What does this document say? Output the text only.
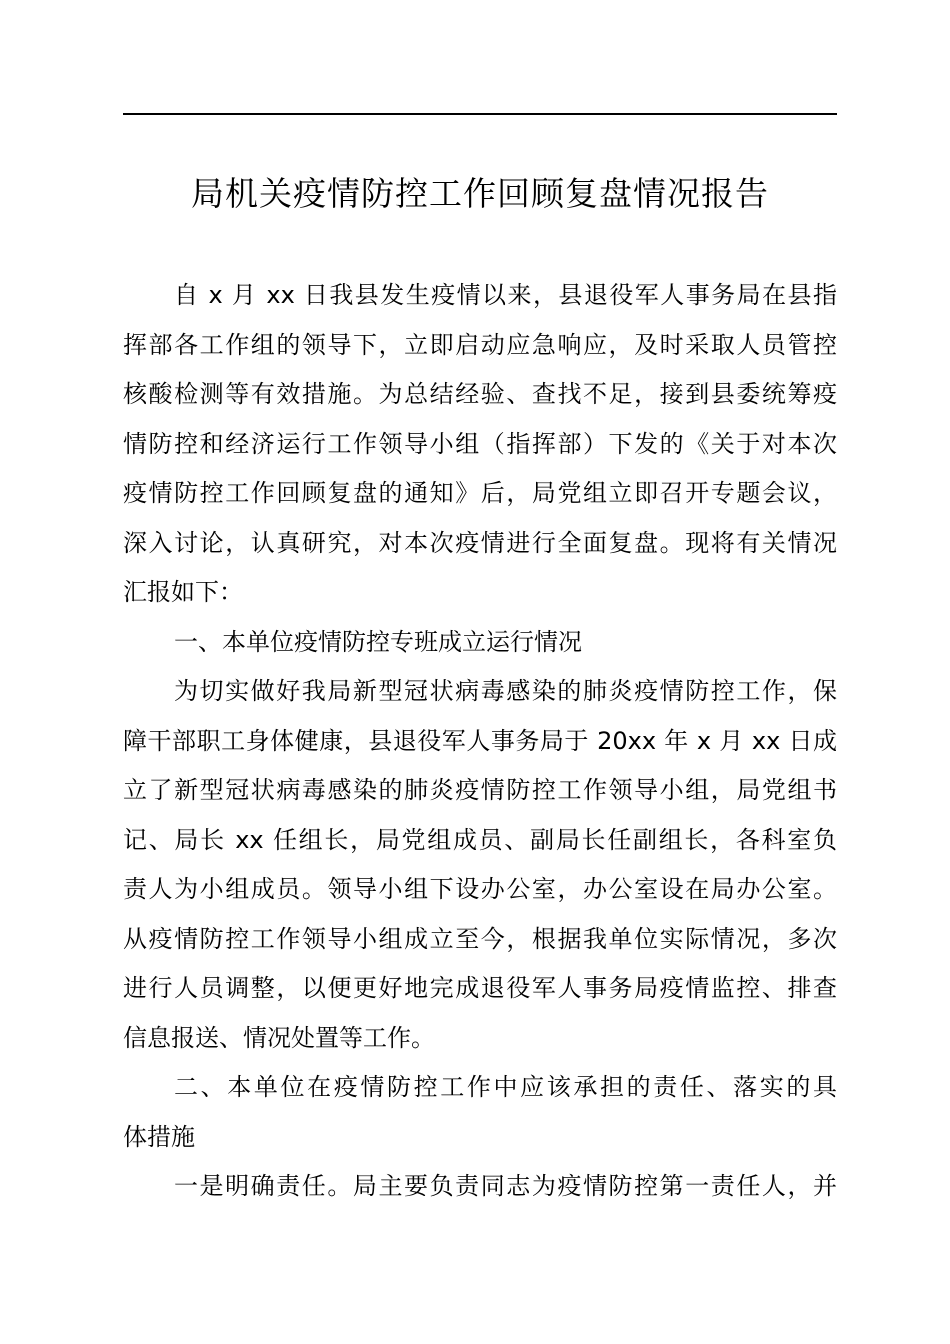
局机关疫情防控工作回顾复盘情况报告
自 x 月 xx 日我县发生疫情以来，县退役军人事务局在县指
挥部各工作组的领导下，立即启动应急响应，及时采取人员管控
核酸检测等有效措施。为总结经验、查找不足，接到县委统筹疫
情防控和经济运行工作领导小组（指挥部）下发的《关于对本次
疫情防控工作回顾复盘的通知》后，局党组立即召开专题会议，
深入讨论，认真研究，对本次疫情进行全面复盘。现将有关情况
汇报如下：
一、本单位疫情防控专班成立运行情况
为切实做好我局新型冠状病毒感染的肺炎疫情防控工作，保
障干部职工身体健康，县退役军人事务局于 20xx 年 x 月 xx 日成
立了新型冠状病毒感染的肺炎疫情防控工作领导小组，局党组书
记、局长 xx 任组长，局党组成员、副局长任副组长，各科室负
责人为小组成员。领导小组下设办公室，办公室设在局办公室。
从疫情防控工作领导小组成立至今，根据我单位实际情况，多次
进行人员调整，以便更好地完成退役军人事务局疫情监控、排查
信息报送、情况处置等工作。
二、本单位在疫情防控工作中应该承担的责任、落实的具
体措施
一是明确责任。局主要负责同志为疫情防控第一责任人，并
